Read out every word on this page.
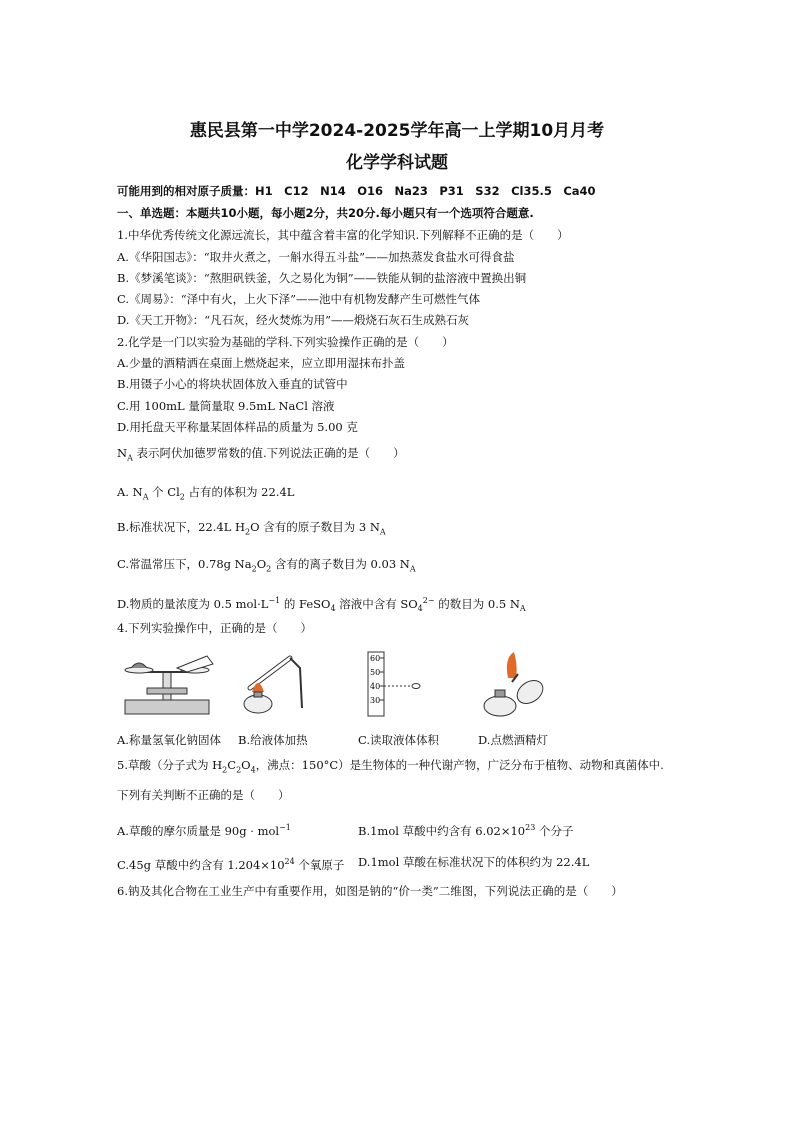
惠民县第一中学2024-2025学年高一上学期10月月考
化学学科试题
可能用到的相对原子质量：H1　C12　N14　O16　Na23　P31　S32　Cl35.5　Ca40
一、单选题：本题共10小题，每小题2分，共20分.每小题只有一个选项符合题意.
1.中华优秀传统文化源远流长，其中蕴含着丰富的化学知识.下列解释不正确的是（　　）
A.《华阳国志》：“取井火煮之，一斛水得五斗盐”——加热蒸发食盐水可得食盐
B.《梦溪笔谈》：“熬胆矾铁釜，久之易化为铜”——铁能从铜的盐溶液中置换出铜
C.《周易》：“泽中有火，上火下泽”——池中有机物发酵产生可燃性气体
D.《天工开物》：“凡石灰，经火焚炼为用”——煅烧石灰石生成熟石灰
2.化学是一门以实验为基础的学科.下列实验操作正确的是（　　）
A.少量的酒精洒在桌面上燃烧起来，应立即用湿抹布扑盖
B.用镊子小心的将块状固体放入垂直的试管中
C.用 100mL 量筒量取 9.5mL NaCl 溶液
D.用托盘天平称量某固体样品的质量为 5.00 克
$N_A$ 表示阿伏加德罗常数的值.下列说法正确的是（　　）
A. $N_A$ 个 $Cl_2$ 占有的体积为 22.4L
B.标准状况下，22.4L $H_2O$ 含有的原子数目为 3 $N_A$
C.常温常压下，0.78g $Na_2O_2$ 含有的离子数目为 0.03 $N_A$
D.物质的量浓度为 0.5 $mol\cdot L^{-1}$ 的 FeSO$_4$ 溶液中含有 $SO_4^{2-}$ 的数目为 0.5 $N_A$
4.下列实验操作中，正确的是（　　）
60
50
40
30
A.称量氢氧化钠固体 B.给液体加热	C.读取液体体积	D.点燃酒精灯
5.草酸（分子式为 $H_2C_2O_4$，沸点：150°C）是生物体的一种代谢产物，广泛分布于植物、动物和真菌体中.
下列有关判断不正确的是（　　）
A.草酸的摩尔质量是 90g · mol$^{-1}$	B.1mol 草酸中约含有 $6.02\times 10^{23}$ 个分子
C.45g 草酸中约含有 $1.204\times 10^{24}$ 个氧原子 D.1mol 草酸在标准状况下的体积约为 22.4L
6.钠及其化合物在工业生产中有重要作用，如图是钠的“价一类”二维图，下列说法正确的是（　　）
